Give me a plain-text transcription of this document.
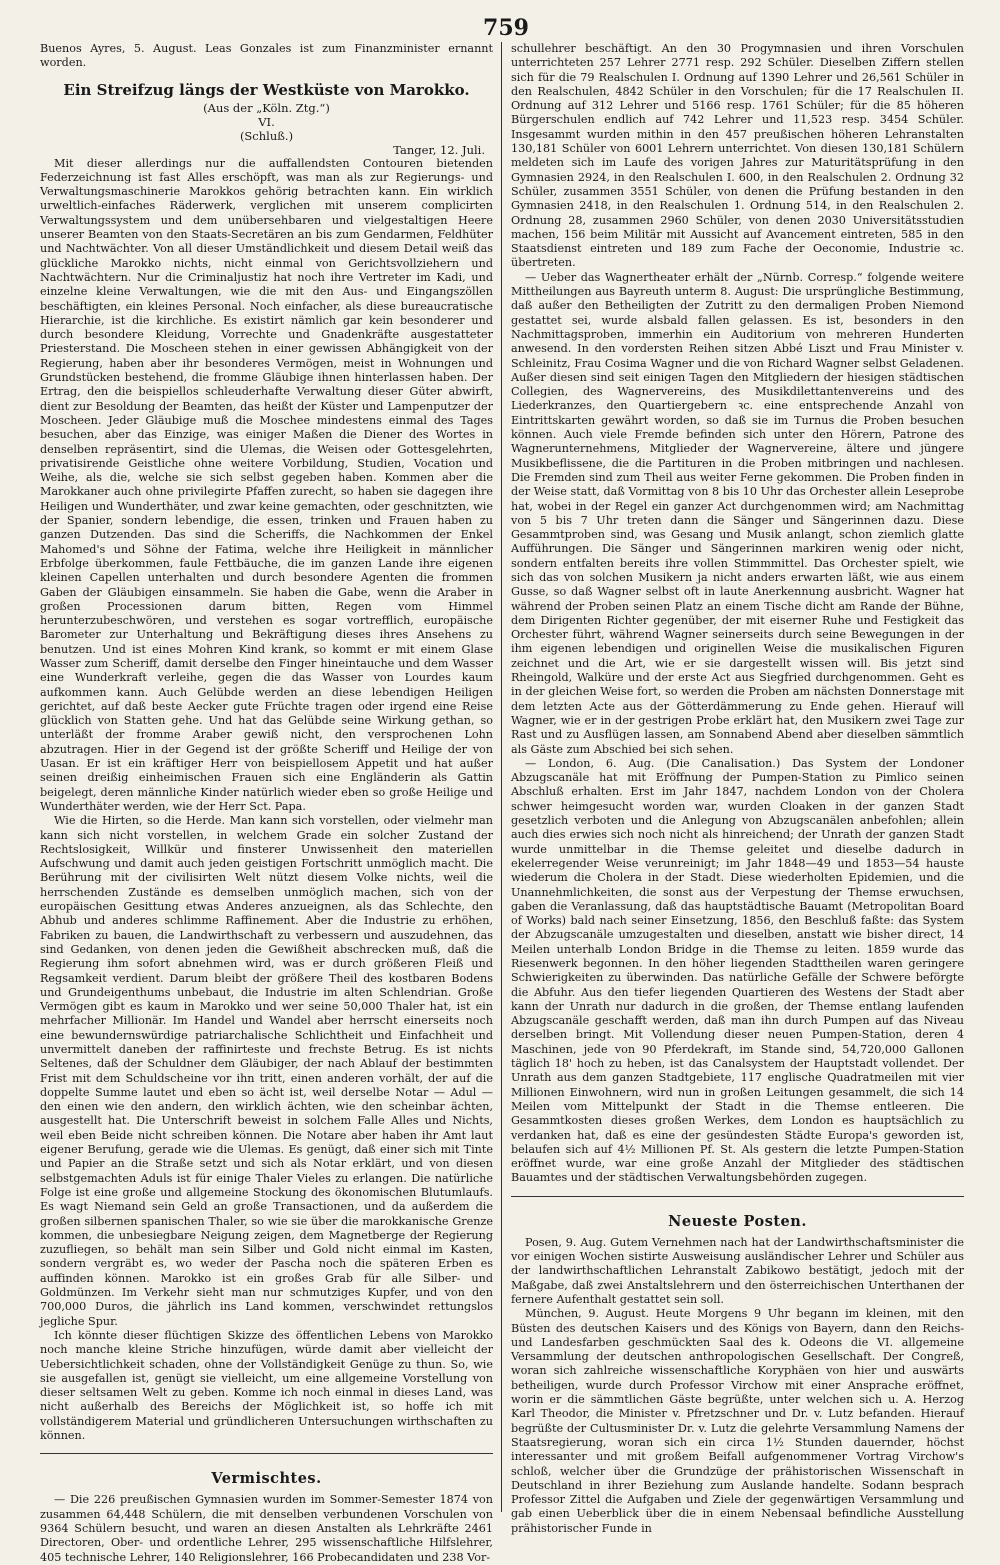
759

Buenos Ayres, 5. August. Leas Gonzales ist zum Finanzminister ernannt worden.

Ein Streifzug längs der Westküste von Marokko.
(Aus der „Köln. Ztg.“)
VI.
(Schluß.)
Tanger, 12. Juli.

Mit dieser allerdings nur die auffallendsten Contouren bietenden Federzeichnung ist fast Alles erschöpft, was man als zur Regierungs- und Verwaltungsmaschinerie Marokkos gehörig betrachten kann. Ein wirklich urweltlich-einfaches Räderwerk, verglichen mit unserem complicirten Verwaltungssystem und dem unübersehbaren und vielgestaltigen Heere unserer Beamten von den Staats-Secretären an bis zum Gendarmen, Feldhüter und Nachtwächter. Von all dieser Umständlichkeit und diesem Detail weiß das glückliche Marokko nichts, nicht einmal von Gerichtsvollziehern und Nachtwächtern. Nur die Criminaljustiz hat noch ihre Vertreter im Kadi, und einzelne kleine Verwaltungen, wie die mit den Aus- und Eingangszöllen beschäftigten, ein kleines Personal. Noch einfacher, als diese bureaucratische Hierarchie, ist die kirchliche. Es existirt nämlich gar kein besonderer und durch besondere Kleidung, Vorrechte und Gnadenkräfte ausgestatteter Priesterstand. Die Moscheen stehen in einer gewissen Abhängigkeit von der Regierung, haben aber ihr besonderes Vermögen, meist in Wohnungen und Grundstücken bestehend, die fromme Gläubige ihnen hinterlassen haben. Der Ertrag, den die beispiellos schleuderhafte Verwaltung dieser Güter abwirft, dient zur Besoldung der Beamten, das heißt der Küster und Lampenputzer der Moscheen. Jeder Gläubige muß die Moschee mindestens einmal des Tages besuchen, aber das Einzige, was einiger Maßen die Diener des Wortes in denselben repräsentirt, sind die Ulemas, die Weisen oder Gottesgelehrten, privatisirende Geistliche ohne weitere Vorbildung, Studien, Vocation und Weihe, als die, welche sie sich selbst gegeben haben. Kommen aber die Marokkaner auch ohne privilegirte Pfaffen zurecht, so haben sie dagegen ihre Heiligen und Wunderthäter, und zwar keine gemachten, oder geschnitzten, wie der Spanier, sondern lebendige, die essen, trinken und Frauen haben zu ganzen Dutzenden. Das sind die Scheriffs, die Nachkommen der Enkel Mahomed's und Söhne der Fatima, welche ihre Heiligkeit in männlicher Erbfolge überkommen, faule Fettbäuche, die im ganzen Lande ihre eigenen kleinen Capellen unterhalten und durch besondere Agenten die frommen Gaben der Gläubigen einsammeln. Sie haben die Gabe, wenn die Araber in großen Processionen darum bitten, Regen vom Himmel herunterzubeschwören, und verstehen es sogar vortrefflich, europäische Barometer zur Unterhaltung und Bekräftigung dieses ihres Ansehens zu benutzen. Und ist eines Mohren Kind krank, so kommt er mit einem Glase Wasser zum Scheriff, damit derselbe den Finger hineintauche und dem Wasser eine Wunderkraft verleihe, gegen die das Wasser von Lourdes kaum aufkommen kann. Auch Gelübde werden an diese lebendigen Heiligen gerichtet, auf daß beste Aecker gute Früchte tragen oder irgend eine Reise glücklich von Statten gehe. Und hat das Gelübde seine Wirkung gethan, so unterläßt der fromme Araber gewiß nicht, den versprochenen Lohn abzutragen. Hier in der Gegend ist der größte Scheriff und Heilige der von Uasan. Er ist ein kräftiger Herr von beispiellosem Appetit und hat außer seinen dreißig einheimischen Frauen sich eine Engländerin als Gattin beigelegt, deren männliche Kinder natürlich wieder eben so große Heilige und Wunderthäter werden, wie der Herr Sct. Papa.

Wie die Hirten, so die Herde. Man kann sich vorstellen, oder vielmehr man kann sich nicht vorstellen, in welchem Grade ein solcher Zustand der Rechtslosigkeit, Willkür und finsterer Unwissenheit den materiellen Aufschwung und damit auch jeden geistigen Fortschritt unmöglich macht. Die Berührung mit der civilisirten Welt nützt diesem Volke nichts, weil die herrschenden Zustände es demselben unmöglich machen, sich von der europäischen Gesittung etwas Anderes anzueignen, als das Schlechte, den Abhub und anderes schlimme Raffinement. Aber die Industrie zu erhöhen, Fabriken zu bauen, die Landwirthschaft zu verbessern und auszudehnen, das sind Gedanken, von denen jeden die Gewißheit abschrecken muß, daß die Regierung ihm sofort abnehmen wird, was er durch größeren Fleiß und Regsamkeit verdient. Darum bleibt der größere Theil des kostbaren Bodens und Grundeigenthums unbebaut, die Industrie im alten Schlendrian. Große Vermögen gibt es kaum in Marokko und wer seine 50,000 Thaler hat, ist ein mehrfacher Millionär. Im Handel und Wandel aber herrscht einerseits noch eine bewundernswürdige patriarchalische Schlichtheit und Einfachheit und unvermittelt daneben der raffinirteste und frechste Betrug. Es ist nichts Seltenes, daß der Schuldner dem Gläubiger, der nach Ablauf der bestimmten Frist mit dem Schuldscheine vor ihn tritt, einen anderen vorhält, der auf die doppelte Summe lautet und eben so ächt ist, weil derselbe Notar — Adul — den einen wie den andern, den wirklich ächten, wie den scheinbar ächten, ausgestellt hat. Die Unterschrift beweist in solchem Falle Alles und Nichts, weil eben Beide nicht schreiben können. Die Notare aber haben ihr Amt laut eigener Berufung, gerade wie die Ulemas. Es genügt, daß einer sich mit Tinte und Papier an die Straße setzt und sich als Notar erklärt, und von diesen selbstgemachten Aduls ist für einige Thaler Vieles zu erlangen. Die natürliche Folge ist eine große und allgemeine Stockung des ökonomischen Blutumlaufs. Es wagt Niemand sein Geld an große Transactionen, und da außerdem die großen silbernen spanischen Thaler, so wie sie über die marokkanische Grenze kommen, die unbesiegbare Neigung zeigen, dem Magnetberge der Regierung zuzufliegen, so behält man sein Silber und Gold nicht einmal im Kasten, sondern vergräbt es, wo weder der Pascha noch die späteren Erben es auffinden können. Marokko ist ein großes Grab für alle Silber- und Goldmünzen. Im Verkehr sieht man nur schmutziges Kupfer, und von den 700,000 Duros, die jährlich ins Land kommen, verschwindet rettungslos jegliche Spur.

Ich könnte dieser flüchtigen Skizze des öffentlichen Lebens von Marokko noch manche kleine Striche hinzufügen, würde damit aber vielleicht der Uebersichtlichkeit schaden, ohne der Vollständigkeit Genüge zu thun. So, wie sie ausgefallen ist, genügt sie vielleicht, um eine allgemeine Vorstellung von dieser seltsamen Welt zu geben. Komme ich noch einmal in dieses Land, was nicht außerhalb des Bereichs der Möglichkeit ist, so hoffe ich mit vollständigerem Material und gründlicheren Untersuchungen wirthschaften zu können.

Vermischtes.

— Die 226 preußischen Gymnasien wurden im Sommer-Semester 1874 von zusammen 64,448 Schülern, die mit denselben verbundenen Vorschulen von 9364 Schülern besucht, und waren an diesen Anstalten als Lehrkräfte 2461 Directoren, Ober- und ordentliche Lehrer, 295 wissenschaftliche Hilfslehrer, 405 technische Lehrer, 140 Religionslehrer, 166 Probecandidaten und 238 Vor-

schullehrer beschäftigt. An den 30 Progymnasien und ihren Vorschulen unterrichteten 257 Lehrer 2771 resp. 292 Schüler. Dieselben Ziffern stellen sich für die 79 Realschulen I. Ordnung auf 1390 Lehrer und 26,561 Schüler in den Realschulen, 4842 Schüler in den Vorschulen; für die 17 Realschulen II. Ordnung auf 312 Lehrer und 5166 resp. 1761 Schüler; für die 85 höheren Bürgerschulen endlich auf 742 Lehrer und 11,523 resp. 3454 Schüler. Insgesammt wurden mithin in den 457 preußischen höheren Lehranstalten 130,181 Schüler von 6001 Lehrern unterrichtet. Von diesen 130,181 Schülern meldeten sich im Laufe des vorigen Jahres zur Maturitätsprüfung in den Gymnasien 2924, in den Realschulen I. 600, in den Realschulen 2. Ordnung 32 Schüler, zusammen 3551 Schüler, von denen die Prüfung bestanden in den Gymnasien 2418, in den Realschulen 1. Ordnung 514, in den Realschulen 2. Ordnung 28, zusammen 2960 Schüler, von denen 2030 Universitätsstudien machen, 156 beim Militär mit Aussicht auf Avancement eintreten, 585 in den Staatsdienst eintreten und 189 zum Fache der Oeconomie, Industrie ꝛc. übertreten.

— Ueber das Wagnertheater erhält der „Nürnb. Corresp.“ folgende weitere Mittheilungen aus Bayreuth unterm 8. August: Die ursprüngliche Bestimmung, daß außer den Betheiligten der Zutritt zu den dermaligen Proben Niemond gestattet sei, wurde alsbald fallen gelassen. Es ist, besonders in den Nachmittagsproben, immerhin ein Auditorium von mehreren Hunderten anwesend. In den vordersten Reihen sitzen Abbé Liszt und Frau Minister v. Schleinitz, Frau Cosima Wagner und die von Richard Wagner selbst Geladenen. Außer diesen sind seit einigen Tagen den Mitgliedern der hiesigen städtischen Collegien, des Wagnervereins, des Musikdilettantenvereins und des Liederkranzes, den Quartiergebern ꝛc. eine entsprechende Anzahl von Eintrittskarten gewährt worden, so daß sie im Turnus die Proben besuchen können. Auch viele Fremde befinden sich unter den Hörern, Patrone des Wagnerunternehmens, Mitglieder der Wagnervereine, ältere und jüngere Musikbeflissene, die die Partituren in die Proben mitbringen und nachlesen. Die Fremden sind zum Theil aus weiter Ferne gekommen. Die Proben finden in der Weise statt, daß Vormittag von 8 bis 10 Uhr das Orchester allein Leseprobe hat, wobei in der Regel ein ganzer Act durchgenommen wird; am Nachmittag von 5 bis 7 Uhr treten dann die Sänger und Sängerinnen dazu. Diese Gesammtproben sind, was Gesang und Musik anlangt, schon ziemlich glatte Aufführungen. Die Sänger und Sängerinnen markiren wenig oder nicht, sondern entfalten bereits ihre vollen Stimmmittel. Das Orchester spielt, wie sich das von solchen Musikern ja nicht anders erwarten läßt, wie aus einem Gusse, so daß Wagner selbst oft in laute Anerkennung ausbricht. Wagner hat während der Proben seinen Platz an einem Tische dicht am Rande der Bühne, dem Dirigenten Richter gegenüber, der mit eiserner Ruhe und Festigkeit das Orchester führt, während Wagner seinerseits durch seine Bewegungen in der ihm eigenen lebendigen und originellen Weise die musikalischen Figuren zeichnet und die Art, wie er sie dargestellt wissen will. Bis jetzt sind Rheingold, Walküre und der erste Act aus Siegfried durchgenommen. Geht es in der gleichen Weise fort, so werden die Proben am nächsten Donnerstage mit dem letzten Acte aus der Götterdämmerung zu Ende gehen. Hierauf will Wagner, wie er in der gestrigen Probe erklärt hat, den Musikern zwei Tage zur Rast und zu Ausflügen lassen, am Sonnabend Abend aber dieselben sämmtlich als Gäste zum Abschied bei sich sehen.

— London, 6. Aug. (Die Canalisation.) Das System der Londoner Abzugscanäle hat mit Eröffnung der Pumpen-Station zu Pimlico seinen Abschluß erhalten. Erst im Jahr 1847, nachdem London von der Cholera schwer heimgesucht worden war, wurden Cloaken in der ganzen Stadt gesetzlich verboten und die Anlegung von Abzugscanälen anbefohlen; allein auch dies erwies sich noch nicht als hinreichend; der Unrath der ganzen Stadt wurde unmittelbar in die Themse geleitet und dieselbe dadurch in ekelerregender Weise verunreinigt; im Jahr 1848—49 und 1853—54 hauste wiederum die Cholera in der Stadt. Diese wiederholten Epidemien, und die Unannehmlichkeiten, die sonst aus der Verpestung der Themse erwuchsen, gaben die Veranlassung, daß das hauptstädtische Bauamt (Metropolitan Board of Works) bald nach seiner Einsetzung, 1856, den Beschluß faßte: das System der Abzugscanäle umzugestalten und dieselben, anstatt wie bisher direct, 14 Meilen unterhalb London Bridge in die Themse zu leiten. 1859 wurde das Riesenwerk begonnen. In den höher liegenden Stadttheilen waren geringere Schwierigkeiten zu überwinden. Das natürliche Gefälle der Schwere beförgte die Abfuhr. Aus den tiefer liegenden Quartieren des Westens der Stadt aber kann der Unrath nur dadurch in die großen, der Themse entlang laufenden Abzugscanäle geschafft werden, daß man ihn durch Pumpen auf das Niveau derselben bringt. Mit Vollendung dieser neuen Pumpen-Station, deren 4 Maschinen, jede von 90 Pferdekraft, im Stande sind, 54,720,000 Gallonen täglich 18' hoch zu heben, ist das Canalsystem der Hauptstadt vollendet. Der Unrath aus dem ganzen Stadtgebiete, 117 englische Quadratmeilen mit vier Millionen Einwohnern, wird nun in großen Leitungen gesammelt, die sich 14 Meilen vom Mittelpunkt der Stadt in die Themse entleeren. Die Gesammtkosten dieses großen Werkes, dem London es hauptsächlich zu verdanken hat, daß es eine der gesündesten Städte Europa's geworden ist, belaufen sich auf 4½ Millionen Pf. St. Als gestern die letzte Pumpen-Station eröffnet wurde, war eine große Anzahl der Mitglieder des städtischen Bauamtes und der städtischen Verwaltungsbehörden zugegen.

Neueste Posten.

Posen, 9. Aug. Gutem Vernehmen nach hat der Landwirthschaftsminister die vor einigen Wochen sistirte Ausweisung ausländischer Lehrer und Schüler aus der landwirthschaftlichen Lehranstalt Zabikowo bestätigt, jedoch mit der Maßgabe, daß zwei Anstaltslehrern und den österreichischen Unterthanen der fernere Aufenthalt gestattet sein soll.

München, 9. August. Heute Morgens 9 Uhr begann im kleinen, mit den Büsten des deutschen Kaisers und des Königs von Bayern, dann den Reichs- und Landesfarben geschmückten Saal des k. Odeons die VI. allgemeine Versammlung der deutschen anthropologischen Gesellschaft. Der Congreß, woran sich zahlreiche wissenschaftliche Koryphäen von hier und auswärts betheiligen, wurde durch Professor Virchow mit einer Ansprache eröffnet, worin er die sämmtlichen Gäste begrüßte, unter welchen sich u. A. Herzog Karl Theodor, die Minister v. Pfretzschner und Dr. v. Lutz befanden. Hierauf begrüßte der Cultusminister Dr. v. Lutz die gelehrte Versammlung Namens der Staatsregierung, woran sich ein circa 1½ Stunden dauernder, höchst interessanter und mit großem Beifall aufgenommener Vortrag Virchow's schloß, welcher über die Grundzüge der prähistorischen Wissenschaft in Deutschland in ihrer Beziehung zum Auslande handelte. Sodann besprach Professor Zittel die Aufgaben und Ziele der gegenwärtigen Versammlung und gab einen Ueberblick über die in einem Nebensaal befindliche Ausstellung prähistorischer Funde in
